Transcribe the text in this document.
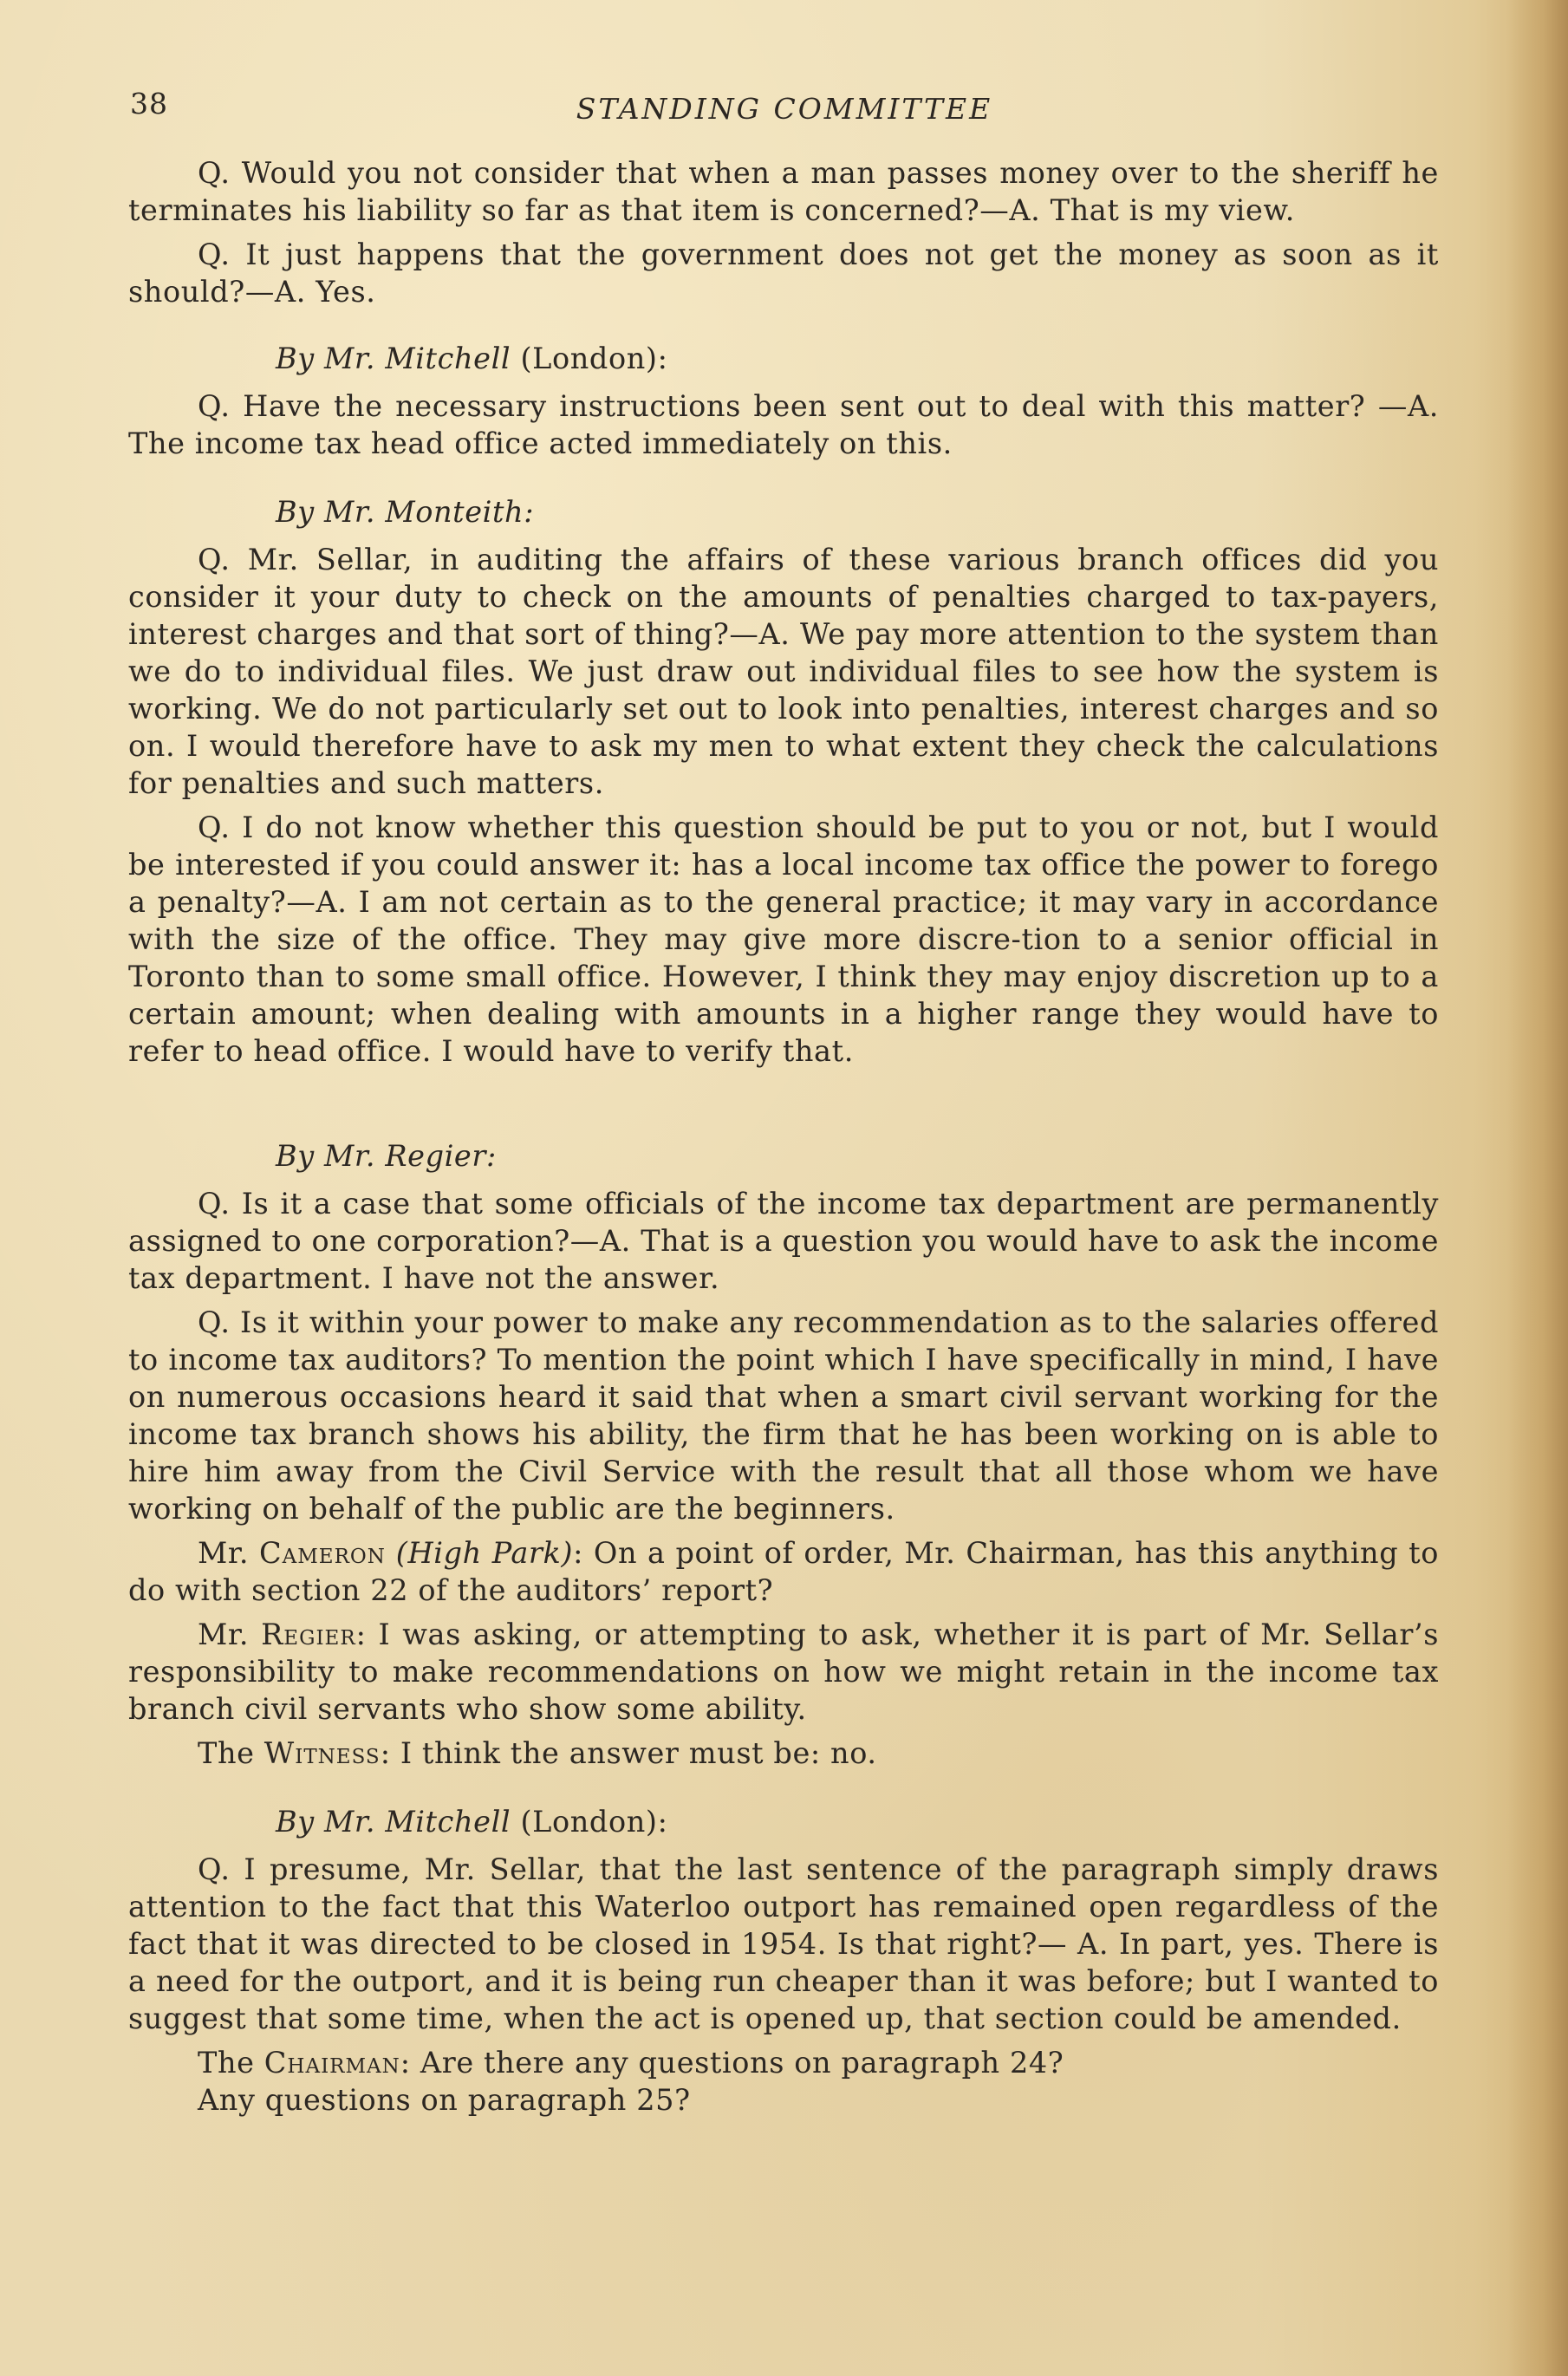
38	STANDING COMMITTEE

Q. Would you not consider that when a man passes money over to the sheriff he terminates his liability so far as that item is concerned?—A. That is my view.

Q. It just happens that the government does not get the money as soon as it should?—A. Yes.

By Mr. Mitchell (London):

Q. Have the necessary instructions been sent out to deal with this matter? —A. The income tax head office acted immediately on this.

By Mr. Monteith:

Q. Mr. Sellar, in auditing the affairs of these various branch offices did you consider it your duty to check on the amounts of penalties charged to tax-payers, interest charges and that sort of thing?—A. We pay more attention to the system than we do to individual files. We just draw out individual files to see how the system is working. We do not particularly set out to look into penalties, interest charges and so on. I would therefore have to ask my men to what extent they check the calculations for penalties and such matters.

Q. I do not know whether this question should be put to you or not, but I would be interested if you could answer it: has a local income tax office the power to forego a penalty?—A. I am not certain as to the general practice; it may vary in accordance with the size of the office. They may give more discre-tion to a senior official in Toronto than to some small office. However, I think they may enjoy discretion up to a certain amount; when dealing with amounts in a higher range they would have to refer to head office. I would have to verify that.

By Mr. Regier:

Q. Is it a case that some officials of the income tax department are permanently assigned to one corporation?—A. That is a question you would have to ask the income tax department. I have not the answer.

Q. Is it within your power to make any recommendation as to the salaries offered to income tax auditors? To mention the point which I have specifically in mind, I have on numerous occasions heard it said that when a smart civil servant working for the income tax branch shows his ability, the firm that he has been working on is able to hire him away from the Civil Service with the result that all those whom we have working on behalf of the public are the beginners.

Mr. Cameron (High Park): On a point of order, Mr. Chairman, has this anything to do with section 22 of the auditors’ report?

Mr. Regier: I was asking, or attempting to ask, whether it is part of Mr. Sellar’s responsibility to make recommendations on how we might retain in the income tax branch civil servants who show some ability.

The Witness: I think the answer must be: no.

By Mr. Mitchell (London):

Q. I presume, Mr. Sellar, that the last sentence of the paragraph simply draws attention to the fact that this Waterloo outport has remained open regardless of the fact that it was directed to be closed in 1954. Is that right?— A. In part, yes. There is a need for the outport, and it is being run cheaper than it was before; but I wanted to suggest that some time, when the act is opened up, that section could be amended.

The Chairman: Are there any questions on paragraph 24?

Any questions on paragraph 25?
